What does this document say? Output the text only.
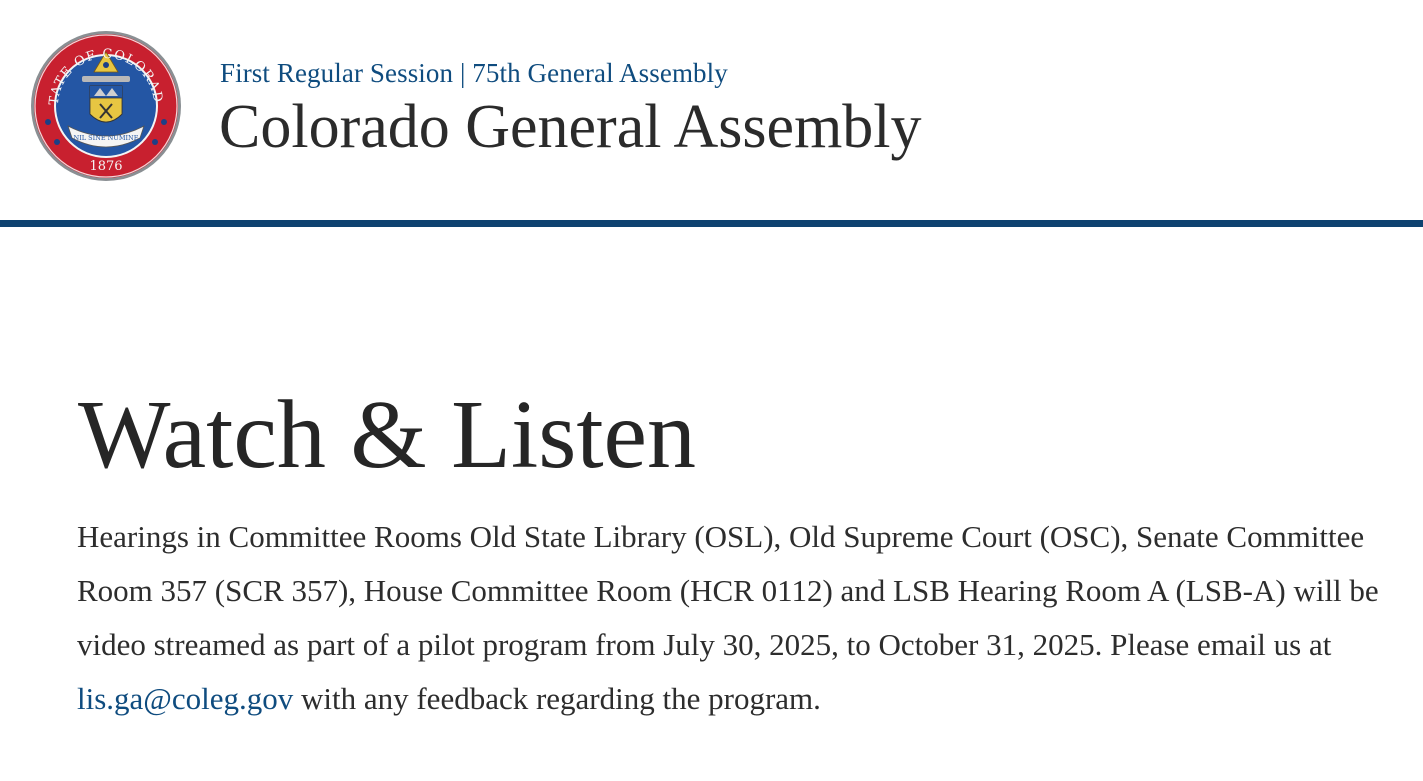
NIL SINE NUMINE
TATE OF COLORAD
1876
First Regular Session | 75th General Assembly
Colorado General Assembly
Watch & Listen

Hearings in Committee Rooms Old State Library (OSL), Old Supreme Court (OSC), Senate Committee Room 357 (SCR 357), House Committee Room (HCR 0112) and LSB Hearing Room A (LSB-A) will be video streamed as part of a pilot program from July 30, 2025, to October 31, 2025. Please email us at lis.ga@coleg.gov with any feedback regarding the program.
